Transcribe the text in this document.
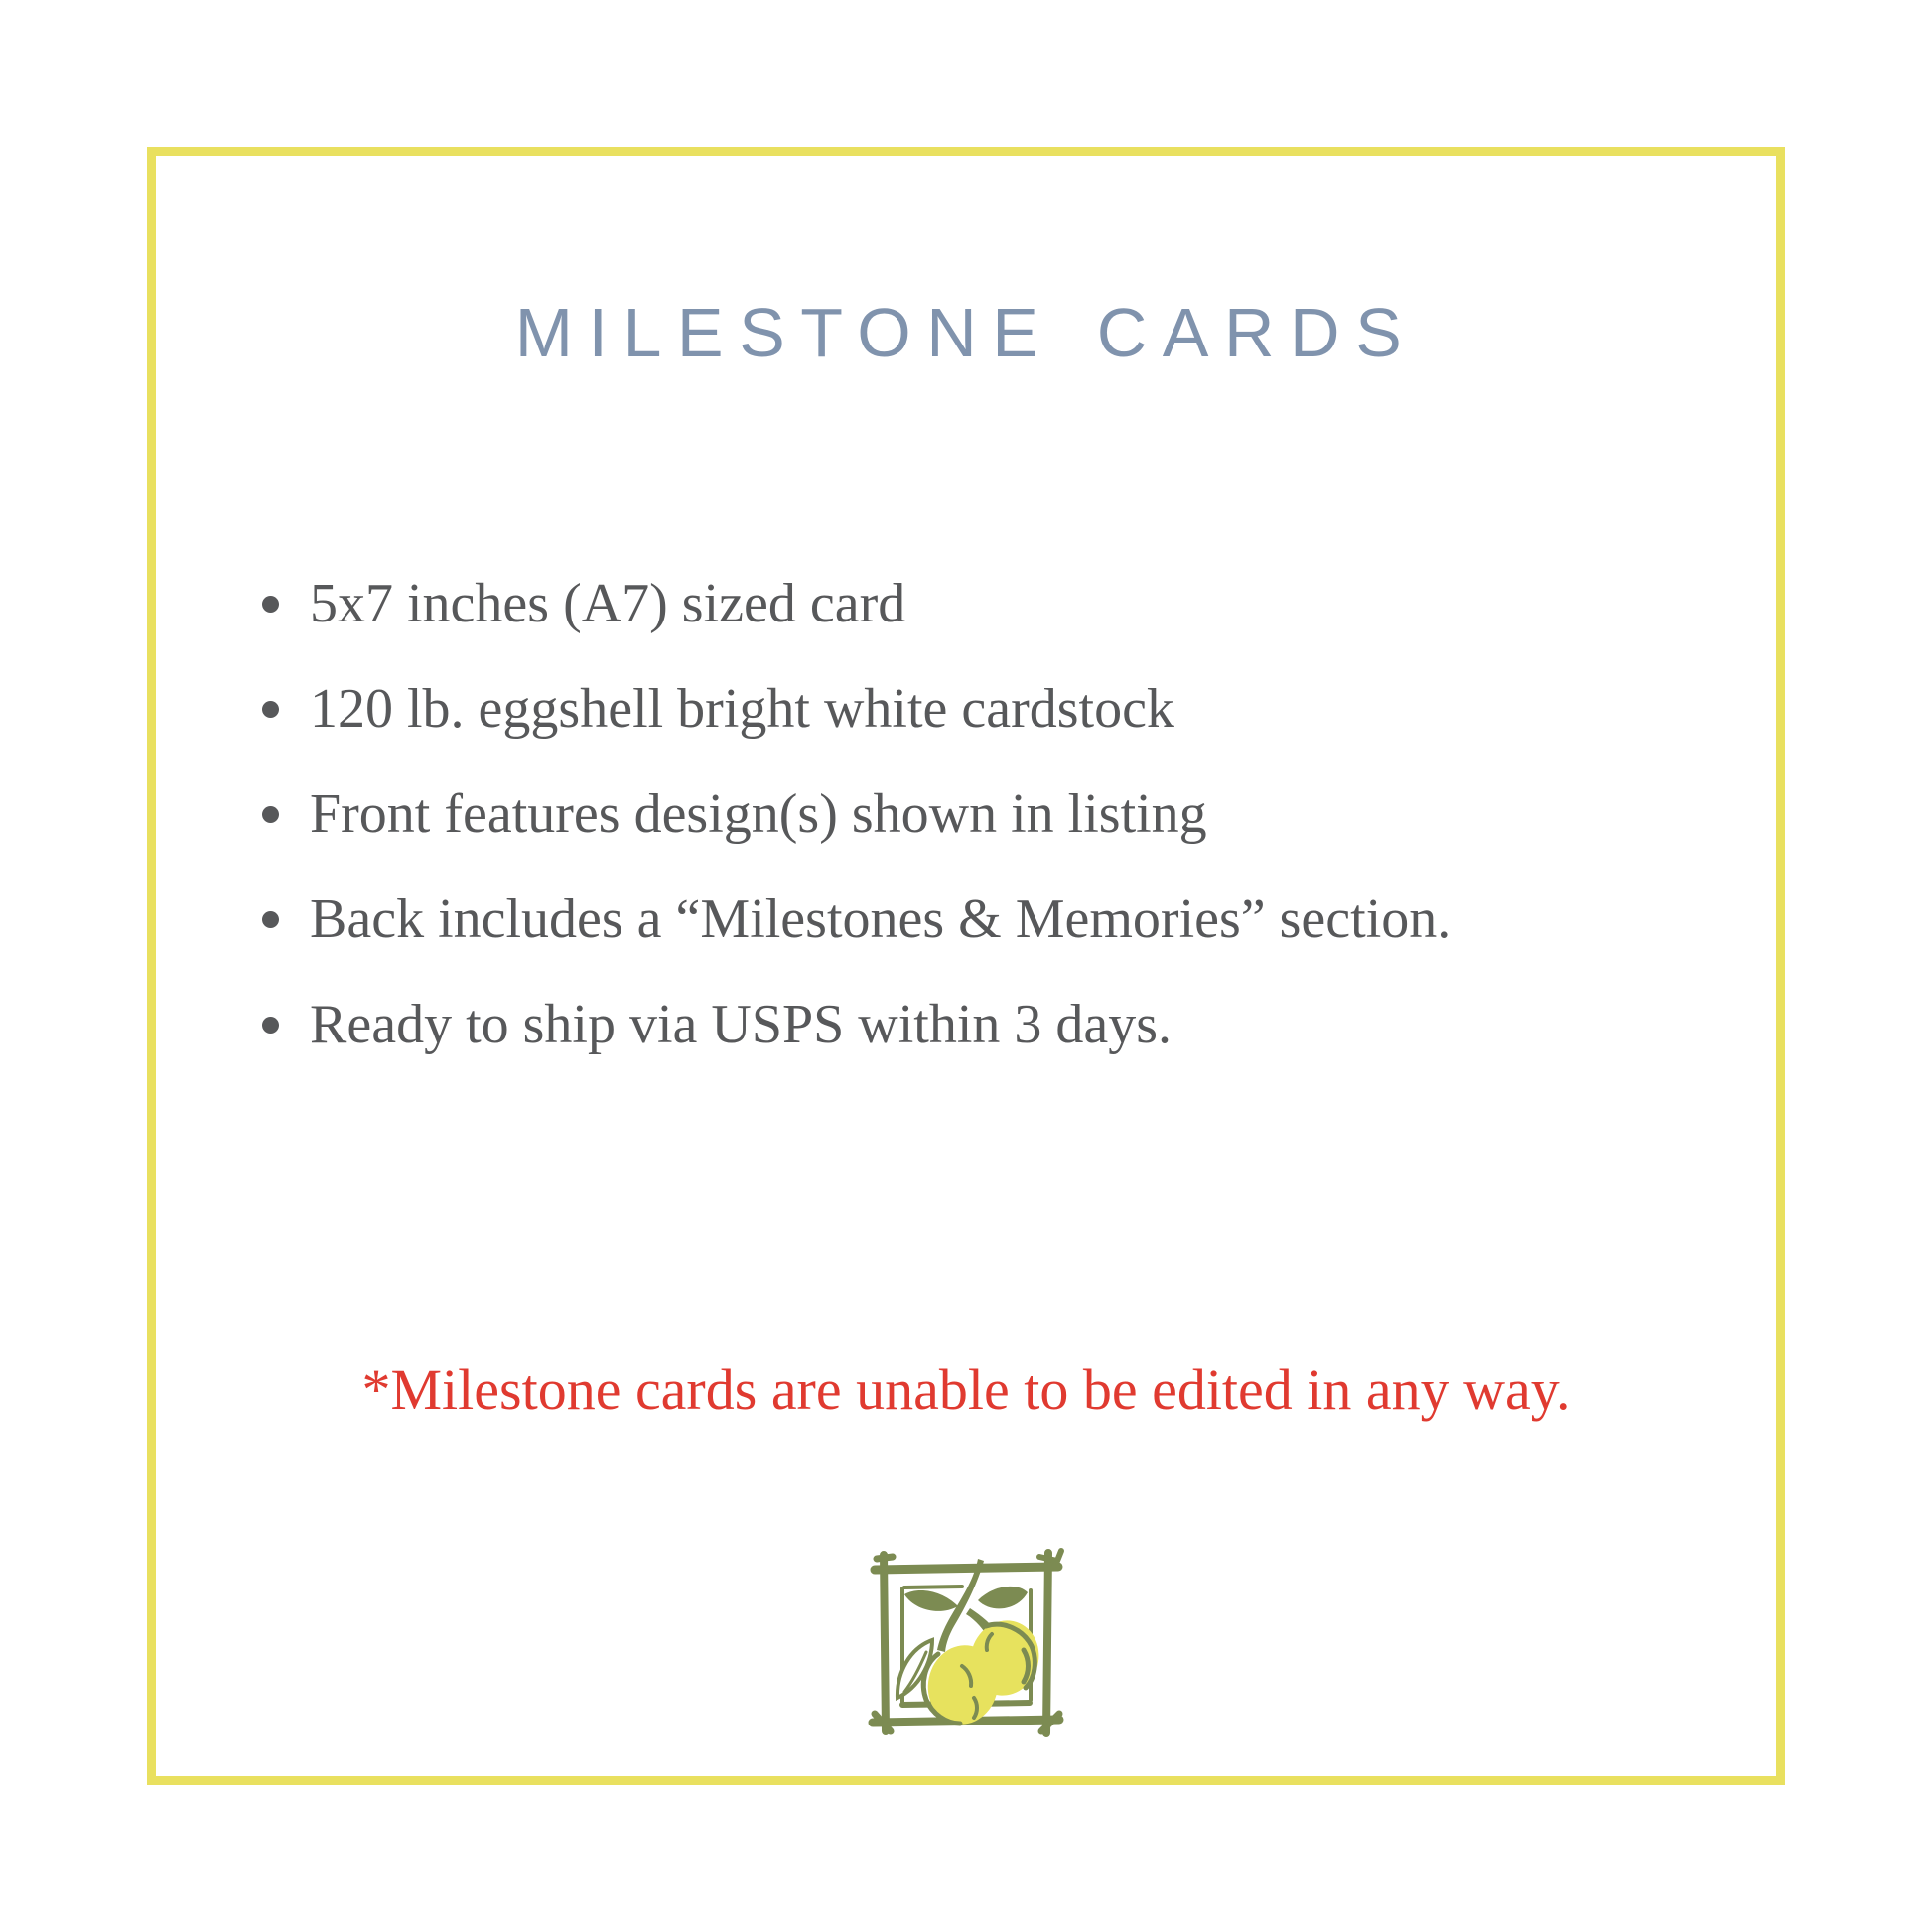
milestone cards
5x7 inches (A7) sized card
120 lb. eggshell bright white cardstock
Front features design(s) shown in listing
Back includes a “Milestones & Memories” section.
Ready to ship via USPS within 3 days.

*Milestone cards are unable to be edited in any way.
